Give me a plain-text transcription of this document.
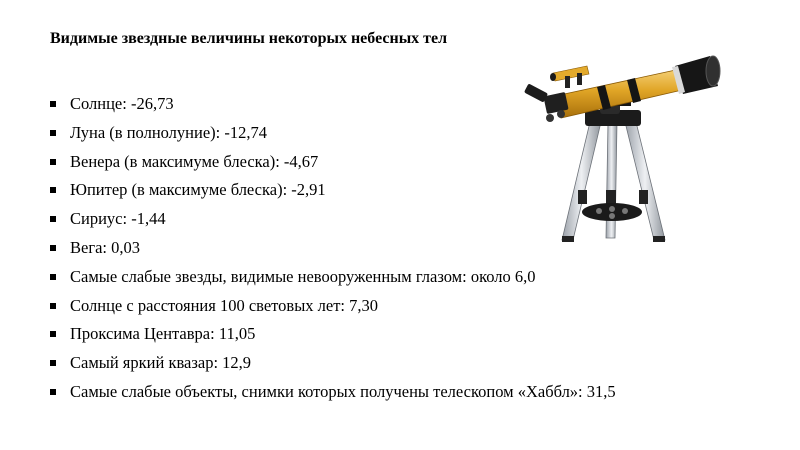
Видимые звездные величины некоторых небесных тел
Солнце: -26,73
Луна (в полнолуние): -12,74
Венера (в максимуме блеска): -4,67
Юпитер (в максимуме блеска): -2,91
Сириус: -1,44
Вега: 0,03
Самые слабые звезды, видимые невооруженным глазом: около 6,0
Солнце с расстояния 100 световых лет: 7,30
Проксима Центавра: 11,05
Самый яркий квазар: 12,9
Самые слабые объекты, снимки которых получены телескопом «Хаббл»: 31,5
